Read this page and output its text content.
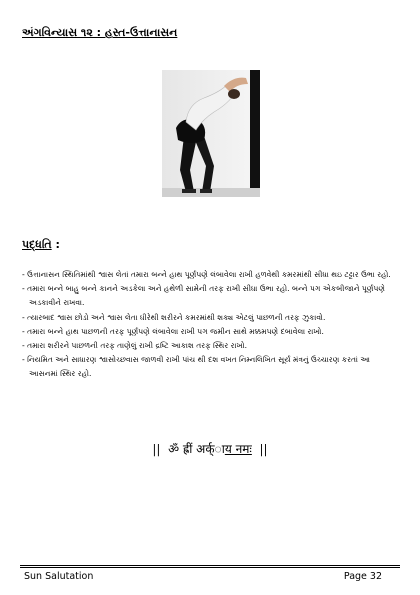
અંગવિન્યાસ ૧૨ : હસ્ત-ઉત્તાનાસન
પદ્ધતિ :
- ઉત્તાનાસન સ્થિતિમાંથી શ્વાસ લેતાં તમારા બન્ને હાથ પૂર્ણપણે લંબાવેલા રાખી હળવેથી કમરમાંથી સીધા થઇ ટટ્ટાર ઉભા રહો.
- તમારા બન્ને બાહુ બન્ને કાનને અડકેલા અને હથેળી સામેની તરફ રાખી સીધા ઉભા રહો. બન્ને પગ એકબીજાને પૂર્ણપણે અડકાવીને રાખવા.
- ત્યારબાદ શ્વાસ છોડો અને શ્વાસ લેતા ધીરેથી શરીરને કમરમાંથી શક્ય એટલું પાછળની તરફ ઝુકાવો.
- તમારા બન્ને હાથ પાછળની તરફ પૂર્ણપણે લંબાવેલા રાખી પગ જમીન સાથે મક્કમપણે દબાવેલા રાખો.
- તમારા શરીરને પાછળની તરફ તાણેલું રાખી દ્રષ્ટિ આકાશ તરફ સ્થિર રાખો.
- નિયમિત અને સાધારણ શ્વાસોચ્છવાસ જાળવી રાખી પાંચ થી દશ વખત નિમ્નલિખિત સૂર્ય મંત્રનું ઉચ્ચારણ કરતાં આ આસનમાં સ્થિર રહો.
|| ॐ ह्रीं अर्क्ाय नमः ||
Sun Salutation	Page 32
